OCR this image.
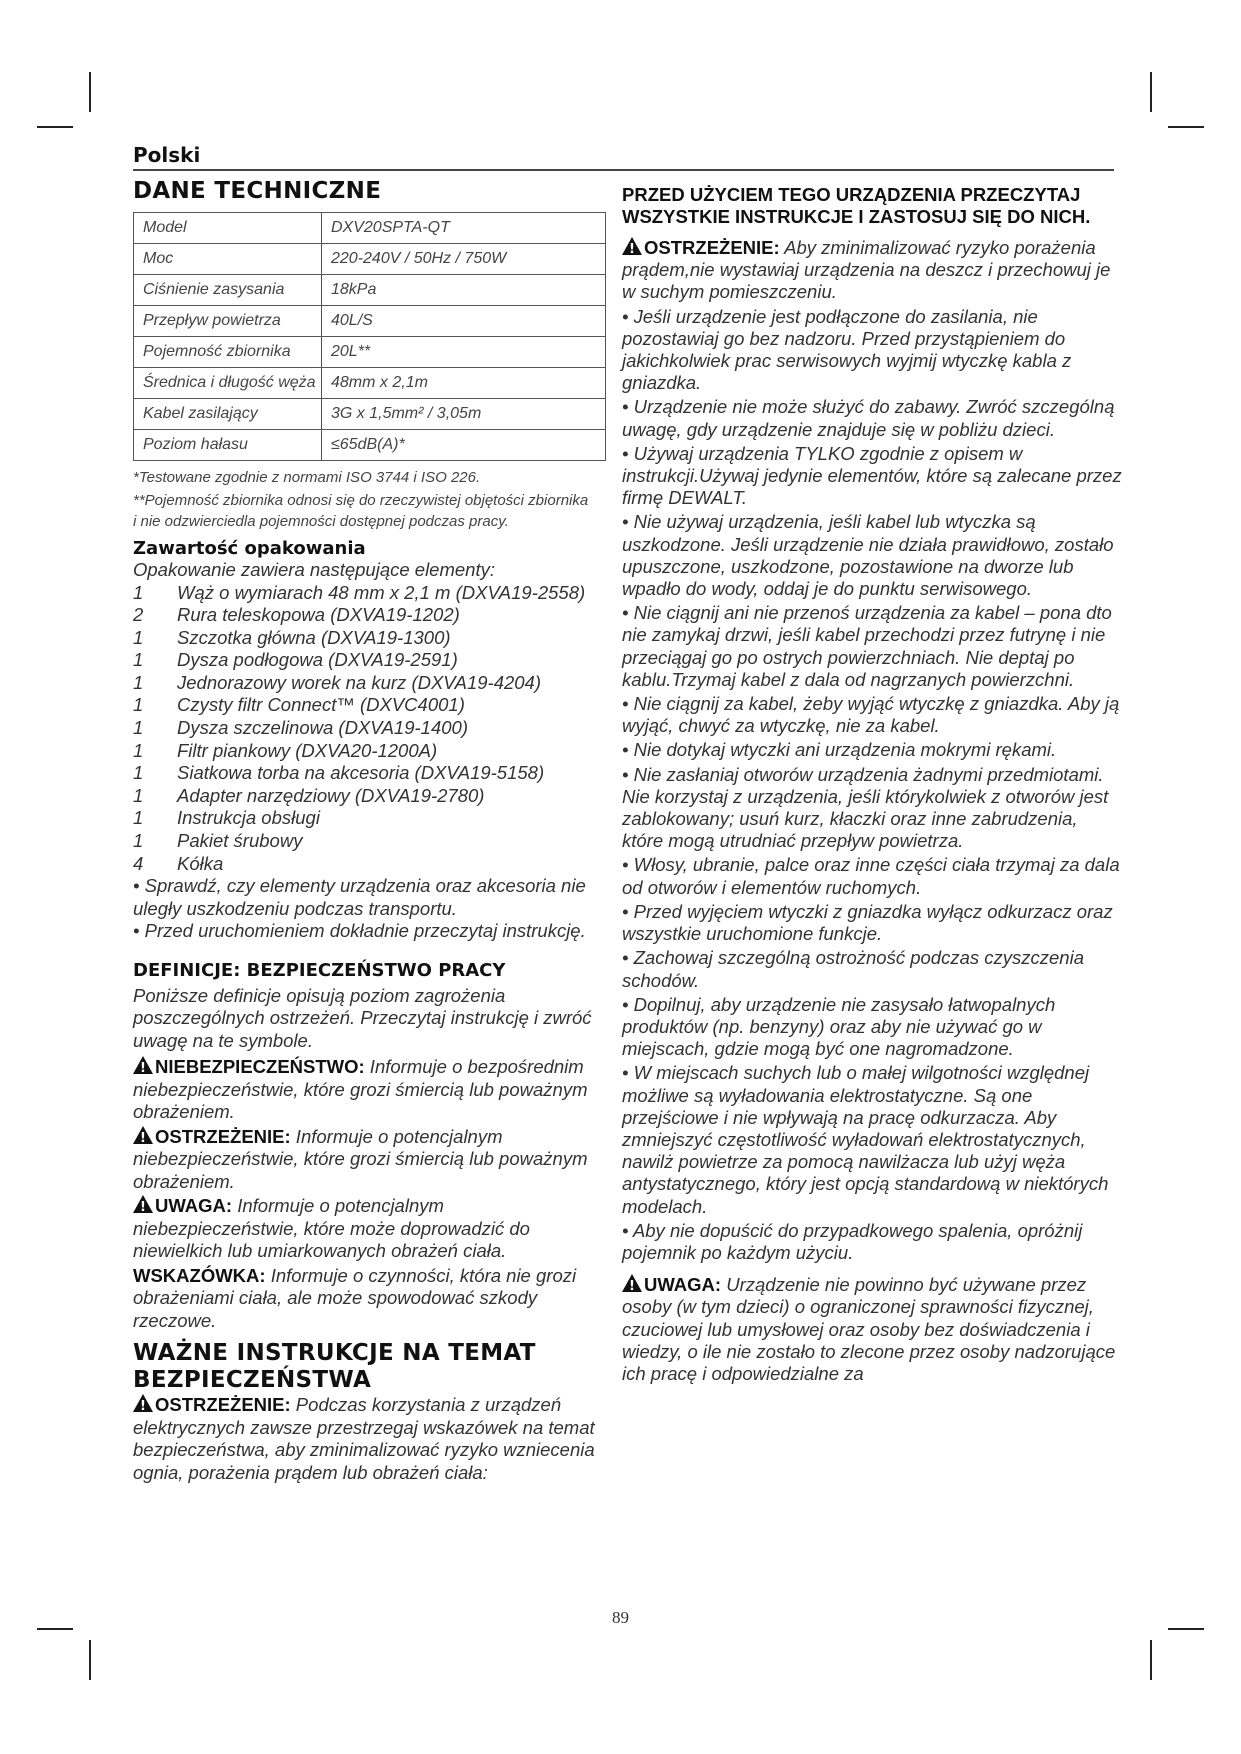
Polski
DANE TECHNICZNE
Model	DXV20SPTA-QT
Moc	220-240V / 50Hz / 750W
Ciśnienie zasysania	18kPa
Przepływ powietrza	40L/S
Pojemność zbiornika	20L**
Średnica i długość węża	48mm x 2,1m
Kabel zasilający	3G x 1,5mm² / 3,05m
Poziom hałasu	≤65dB(A)*
*Testowane zgodnie z normami ISO 3744 i ISO 226.
**Pojemność zbiornika odnosi się do rzeczywistej objętości zbiornika i nie odzwierciedla pojemności dostępnej podczas pracy.
Zawartość opakowania
Opakowanie zawiera następujące elementy:
1	Wąż o wymiarach 48 mm x 2,1 m (DXVA19-2558)
2	Rura teleskopowa (DXVA19-1202)
1	Szczotka główna (DXVA19-1300)
1	Dysza podłogowa (DXVA19-2591)
1	Jednorazowy worek na kurz (DXVA19-4204)
1	Czysty filtr Connect™ (DXVC4001)
1	Dysza szczelinowa (DXVA19-1400)
1	Filtr piankowy (DXVA20-1200A)
1	Siatkowa torba na akcesoria (DXVA19-5158)
1	Adapter narzędziowy (DXVA19-2780)
1	Instrukcja obsługi
1	Pakiet śrubowy
4	Kółka
• Sprawdź, czy elementy urządzenia oraz akcesoria nie uległy uszkodzeniu podczas transportu.
• Przed uruchomieniem dokładnie przeczytaj instrukcję.
DEFINICJE: BEZPIECZEŃSTWO PRACY
Poniższe definicje opisują poziom zagrożenia poszczególnych ostrzeżeń. Przeczytaj instrukcję i zwróć uwagę na te symbole.
!NIEBEZPIECZEŃSTWO: Informuje o bezpośrednim niebezpieczeństwie, które grozi śmiercią lub poważnym obrażeniem.
!OSTRZEŻENIE: Informuje o potencjalnym niebezpieczeństwie, które grozi śmiercią lub poważnym obrażeniem.
!UWAGA: Informuje o potencjalnym niebezpieczeństwie, które może doprowadzić do niewielkich lub umiarkowanych obrażeń ciała.
WSKAZÓWKA: Informuje o czynności, która nie grozi obrażeniami ciała, ale może spowodować szkody rzeczowe.
WAŻNE INSTRUKCJE NA TEMAT BEZPIECZEŃSTWA
!OSTRZEŻENIE: Podczas korzystania z urządzeń elektrycznych zawsze przestrzegaj wskazówek na temat bezpieczeństwa, aby zminimalizować ryzyko wzniecenia ognia, porażenia prądem lub obrażeń ciała:

PRZED UŻYCIEM TEGO URZĄDZENIA PRZECZYTAJ WSZYSTKIE INSTRUKCJE I ZASTOSUJ SIĘ DO NICH.

!OSTRZEŻENIE: Aby zminimalizować ryzyko porażenia prądem,nie wystawiaj urządzenia na deszcz i przechowuj je w suchym pomieszczeniu.
• Jeśli urządzenie jest podłączone do zasilania, nie pozostawiaj go bez nadzoru. Przed przystąpieniem do jakichkolwiek prac serwisowych wyjmij wtyczkę kabla z gniazdka.
• Urządzenie nie może służyć do zabawy. Zwróć szczególną uwagę, gdy urządzenie znajduje się w pobliżu dzieci.
• Używaj urządzenia TYLKO zgodnie z opisem w instrukcji.Używaj jedynie elementów, które są zalecane przez firmę DEWALT.
• Nie używaj urządzenia, jeśli kabel lub wtyczka są uszkodzone. Jeśli urządzenie nie działa prawidłowo, zostało upuszczone, uszkodzone, pozostawione na dworze lub wpadło do wody, oddaj je do punktu serwisowego.
• Nie ciągnij ani nie przenoś urządzenia za kabel – pona dto nie zamykaj drzwi, jeśli kabel przechodzi przez futrynę i nie przeciągaj go po ostrych powierzchniach. Nie deptaj po kablu.Trzymaj kabel z dala od nagrzanych powierzchni.
• Nie ciągnij za kabel, żeby wyjąć wtyczkę z gniazdka. Aby ją wyjąć, chwyć za wtyczkę, nie za kabel.
• Nie dotykaj wtyczki ani urządzenia mokrymi rękami.
• Nie zasłaniaj otworów urządzenia żadnymi przedmiotami. Nie korzystaj z urządzenia, jeśli którykolwiek z otworów jest zablokowany; usuń kurz, kłaczki oraz inne zabrudzenia, które mogą utrudniać przepływ powietrza.
• Włosy, ubranie, palce oraz inne części ciała trzymaj za dala od otworów i elementów ruchomych.
• Przed wyjęciem wtyczki z gniazdka wyłącz odkurzacz oraz wszystkie uruchomione funkcje.
• Zachowaj szczególną ostrożność podczas czyszczenia schodów.
• Dopilnuj, aby urządzenie nie zasysało łatwopalnych produktów (np. benzyny) oraz aby nie używać go w miejscach, gdzie mogą być one nagromadzone.
• W miejscach suchych lub o małej wilgotności względnej możliwe są wyładowania elektrostatyczne. Są one przejściowe i nie wpływają na pracę odkurzacza. Aby zmniejszyć częstotliwość wyładowań elektrostatycznych, nawilż powietrze za pomocą nawilżacza lub użyj węża antystatycznego, który jest opcją standardową w niektórych modelach.
• Aby nie dopuścić do przypadkowego spalenia, opróżnij pojemnik po każdym użyciu.
!UWAGA: Urządzenie nie powinno być używane przez osoby (w tym dzieci) o ograniczonej sprawności fizycznej, czuciowej lub umysłowej oraz osoby bez doświadczenia i wiedzy, o ile nie zostało to zlecone przez osoby nadzorujące ich pracę i odpowiedzialne za
89
